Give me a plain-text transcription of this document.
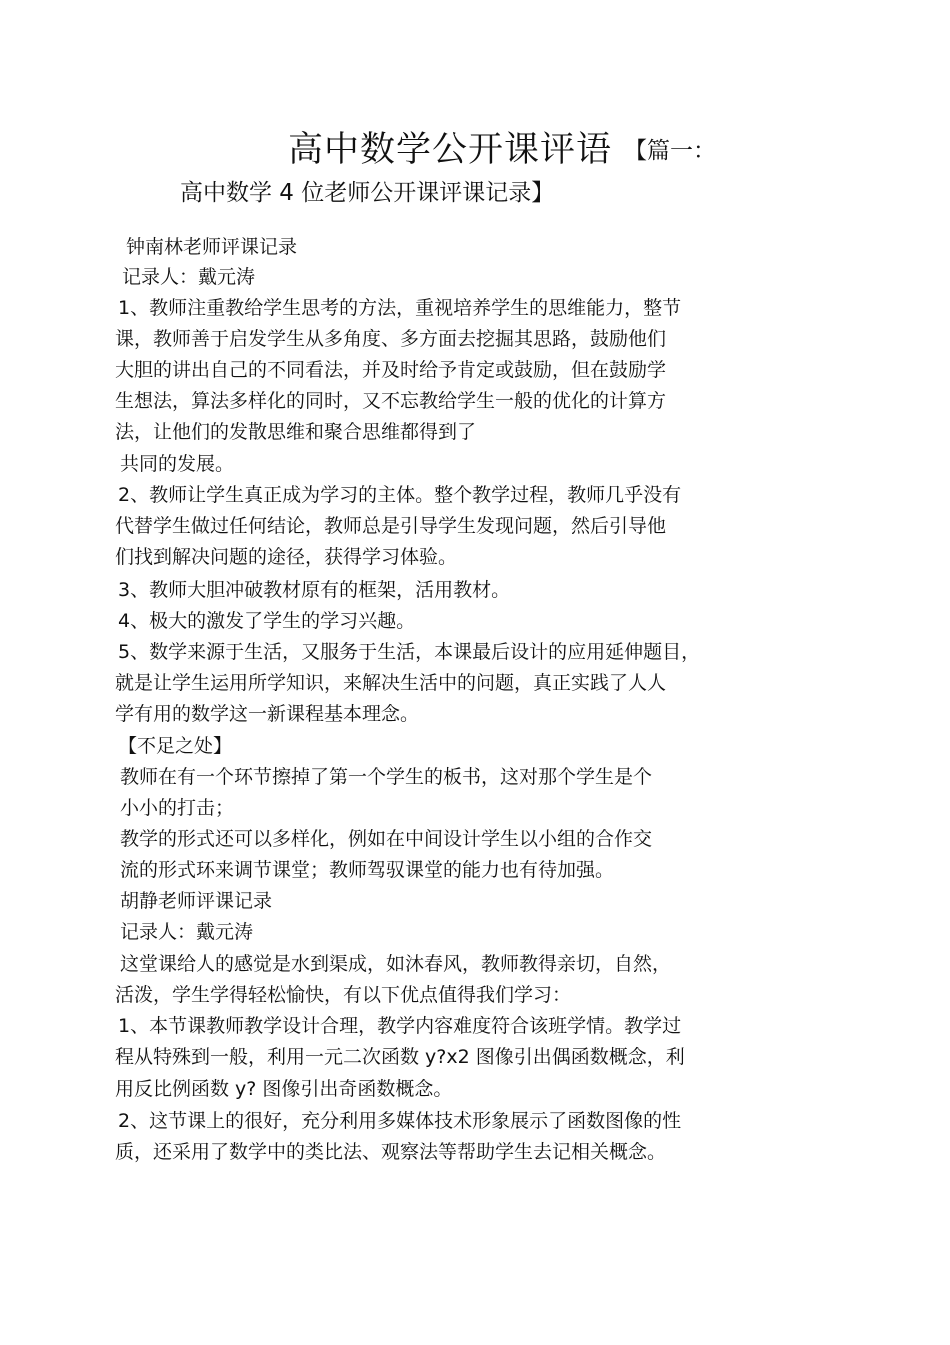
高中数学公开课评语 【篇一：
高中数学 4 位老师公开课评课记录】
钟南林老师评课记录
记录人：戴元涛
1、教师注重教给学生思考的方法，重视培养学生的思维能力，整节
课，教师善于启发学生从多角度、多方面去挖掘其思路，鼓励他们
大胆的讲出自己的不同看法，并及时给予肯定或鼓励，但在鼓励学
生想法，算法多样化的同时，又不忘教给学生一般的优化的计算方
法，让他们的发散思维和聚合思维都得到了
共同的发展。
2、教师让学生真正成为学习的主体。整个教学过程，教师几乎没有
代替学生做过任何结论，教师总是引导学生发现问题，然后引导他
们找到解决问题的途径，获得学习体验。
3、教师大胆冲破教材原有的框架，活用教材。
4、极大的激发了学生的学习兴趣。
5、数学来源于生活，又服务于生活，本课最后设计的应用延伸题目，
就是让学生运用所学知识，来解决生活中的问题，真正实践了人人
学有用的数学这一新课程基本理念。
【不足之处】
教师在有一个环节擦掉了第一个学生的板书，这对那个学生是个
小小的打击；
教学的形式还可以多样化，例如在中间设计学生以小组的合作交
流的形式环来调节课堂；教师驾驭课堂的能力也有待加强。
胡静老师评课记录
记录人：戴元涛
这堂课给人的感觉是水到渠成，如沐春风，教师教得亲切，自然，
活泼，学生学得轻松愉快，有以下优点值得我们学习：
1、本节课教师教学设计合理，教学内容难度符合该班学情。教学过
程从特殊到一般，利用一元二次函数 y?x2 图像引出偶函数概念，利
用反比例函数 y? 图像引出奇函数概念。
2、这节课上的很好，充分利用多媒体技术形象展示了函数图像的性
质，还采用了数学中的类比法、观察法等帮助学生去记相关概念。
